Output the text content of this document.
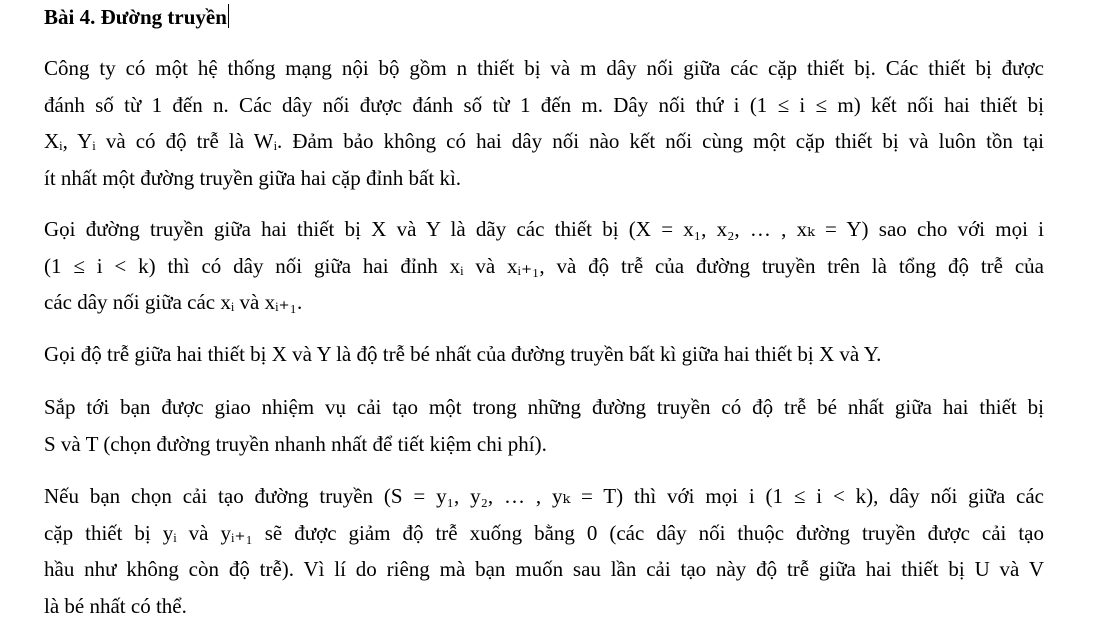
Bài 4. Đường truyền
Công ty có một hệ thống mạng nội bộ gồm n thiết bị và m dây nối giữa các cặp thiết bị. Các thiết bị được
đánh số từ 1 đến n. Các dây nối được đánh số từ 1 đến m. Dây nối thứ i (1 ≤ i ≤ m) kết nối hai thiết bị
Xᵢ, Yᵢ và có độ trễ là Wᵢ. Đảm bảo không có hai dây nối nào kết nối cùng một cặp thiết bị và luôn tồn tại
ít nhất một đường truyền giữa hai cặp đỉnh bất kì.
Gọi đường truyền giữa hai thiết bị X và Y là dãy các thiết bị (X = x₁, x₂, … , xₖ = Y) sao cho với mọi i
(1 ≤ i < k) thì có dây nối giữa hai đỉnh xᵢ và xᵢ₊₁, và độ trễ của đường truyền trên là tổng độ trễ của
các dây nối giữa các xᵢ và xᵢ₊₁.
Gọi độ trễ giữa hai thiết bị X và Y là độ trễ bé nhất của đường truyền bất kì giữa hai thiết bị X và Y.
Sắp tới bạn được giao nhiệm vụ cải tạo một trong những đường truyền có độ trễ bé nhất giữa hai thiết bị
S và T (chọn đường truyền nhanh nhất để tiết kiệm chi phí).
Nếu bạn chọn cải tạo đường truyền (S = y₁, y₂, … , yₖ = T) thì với mọi i (1 ≤ i < k), dây nối giữa các
cặp thiết bị yᵢ và yᵢ₊₁ sẽ được giảm độ trễ xuống bằng 0 (các dây nối thuộc đường truyền được cải tạo
hầu như không còn độ trễ). Vì lí do riêng mà bạn muốn sau lần cải tạo này độ trễ giữa hai thiết bị U và V
là bé nhất có thể.
